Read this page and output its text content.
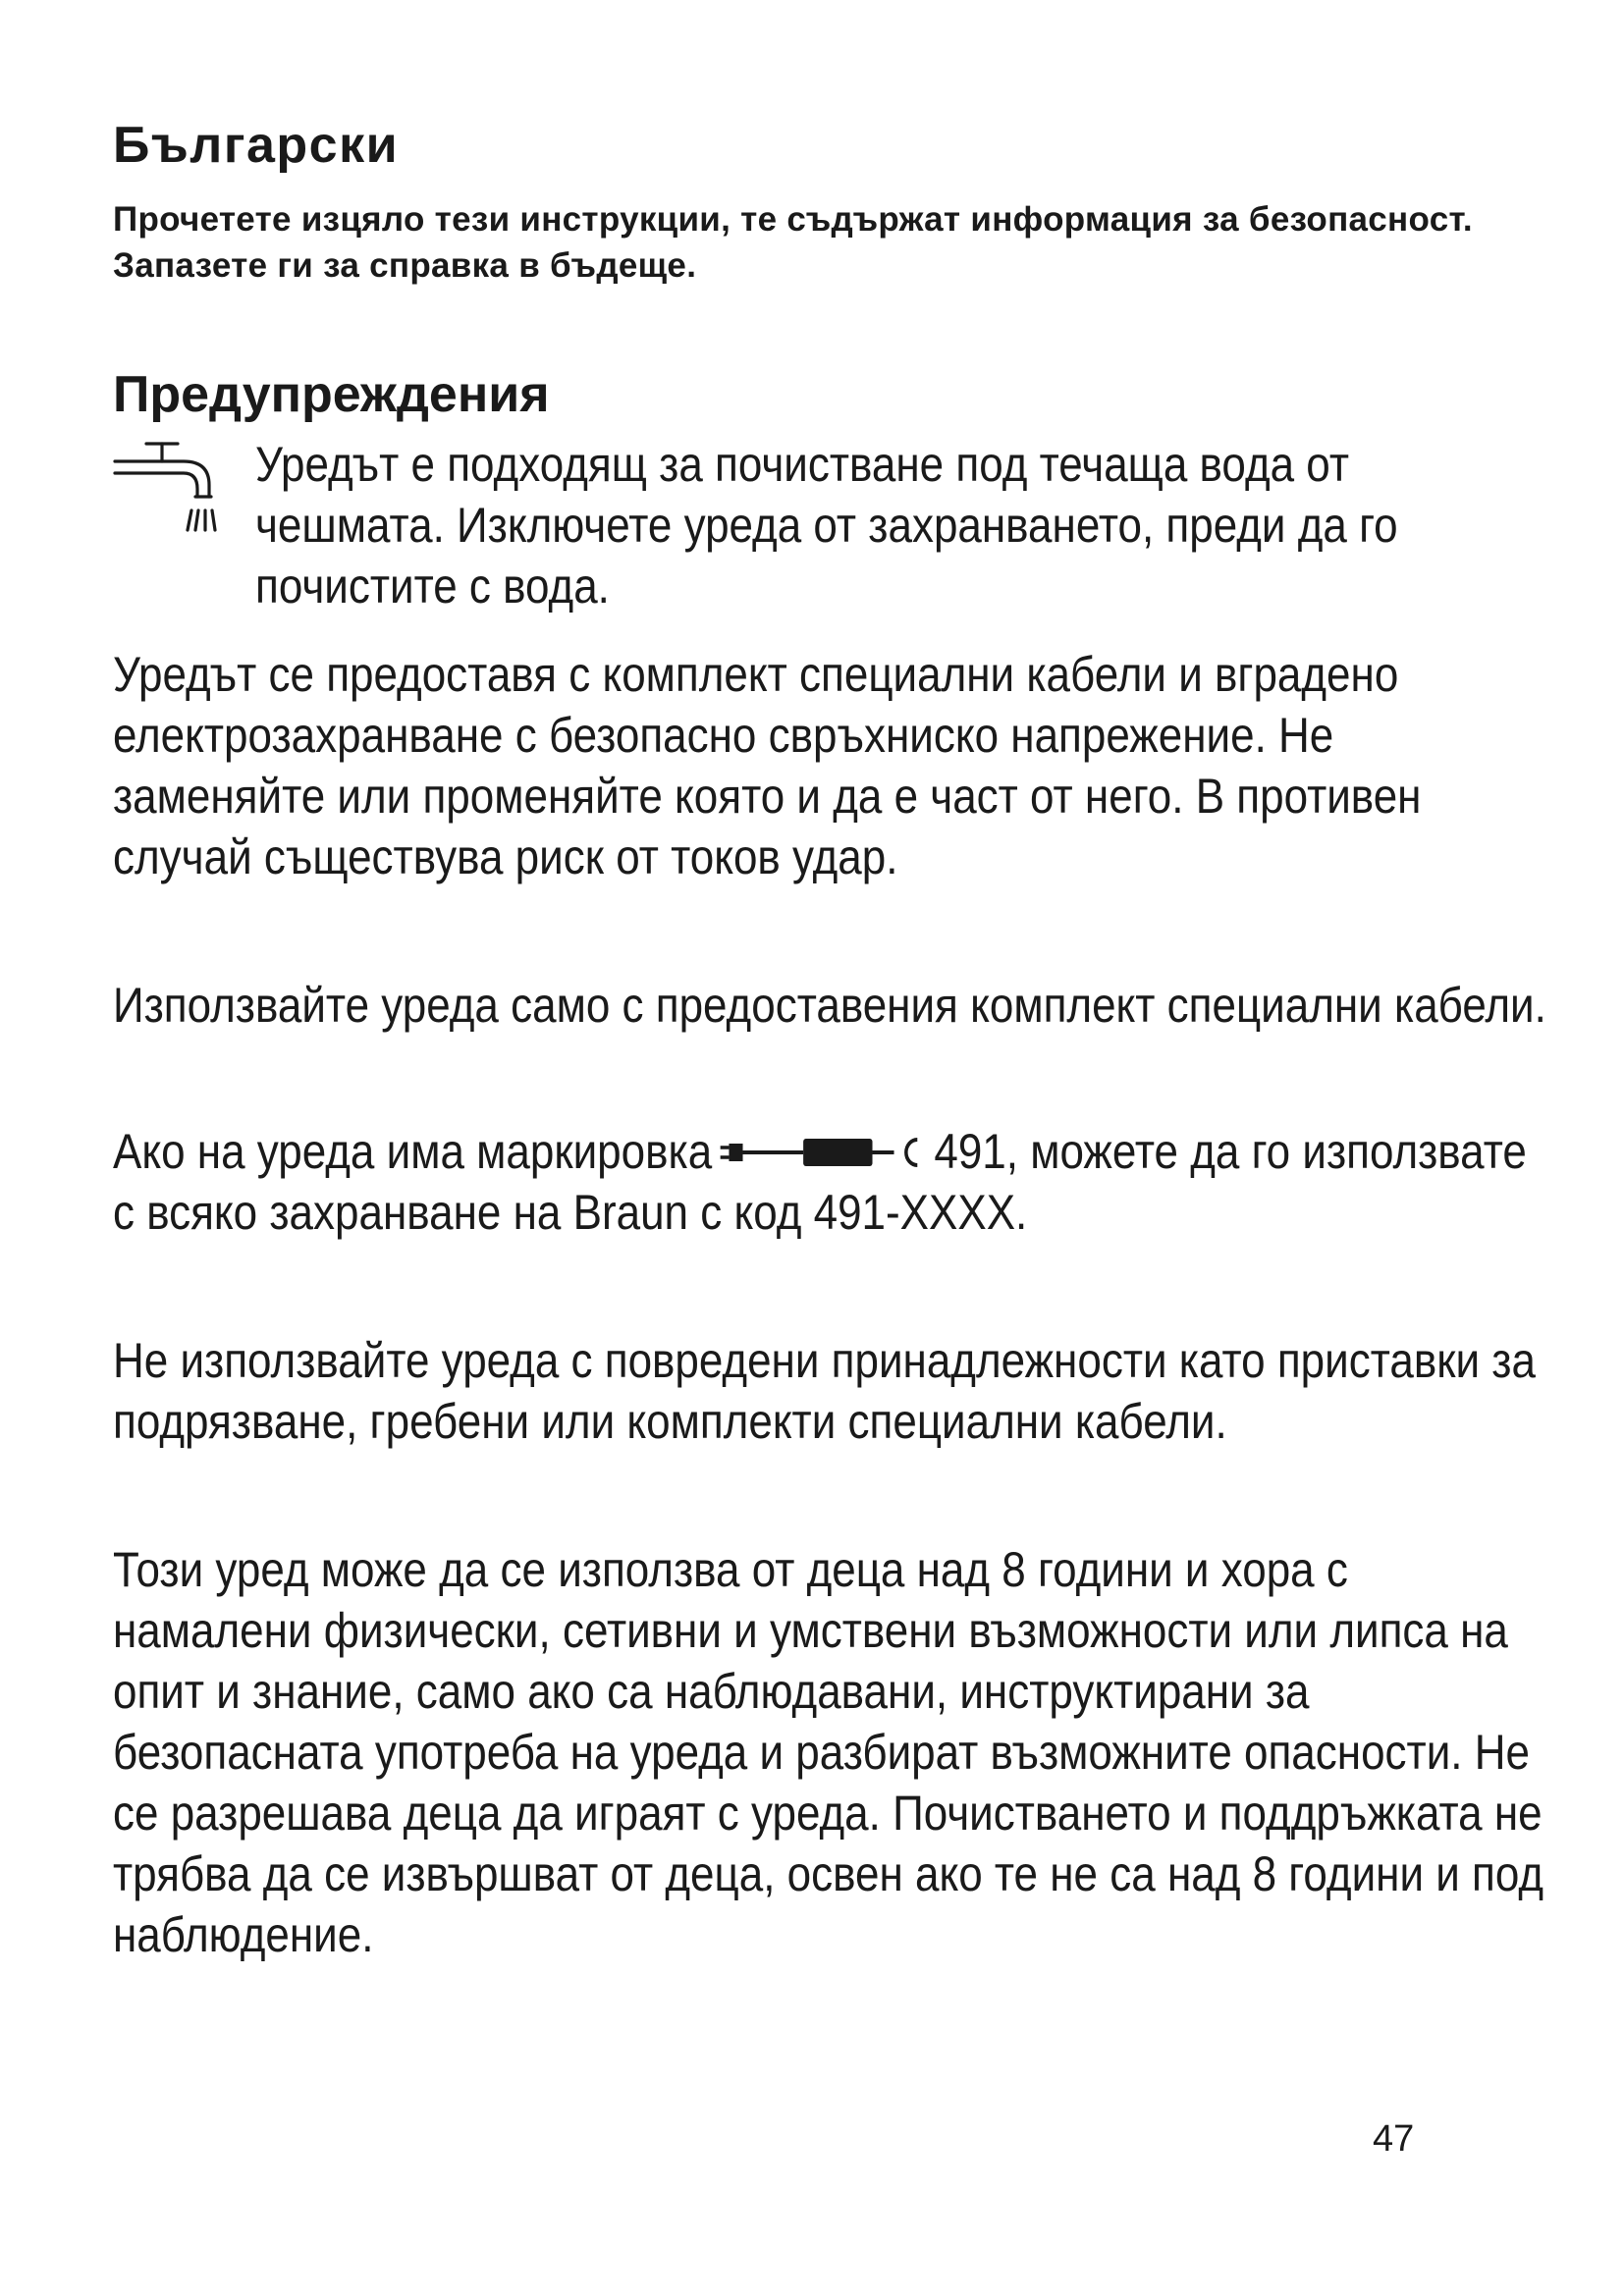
Български

Прочетете изцяло тези инструкции, те съдържат информация за безопасност. Запазете ги за справка в бъдеще.

Предупреждения

Уредът е подходящ за почистване под течаща вода от чешмата. Изключете уреда от захранването, преди да го почистите с вода.

Уредът се предоставя с комплект специални кабели и вградено електрозахранване с безопасно свръхниско напрежение. Не заменяйте или променяйте която и да е част от него. В противен случай съществува риск от токов удар.

Използвайте уреда само с предоставения комплект специални кабели.

Ако на уреда има маркировка	491, можете да го използвате с всяко захранване на Braun с код 491-XXXX.

Не използвайте уреда с повредени принадлежности като приставки за подрязване, гребени или комплекти специални кабели.

Този уред може да се използва от деца над 8 години и хора с намалени физически, сетивни и умствени възможности или липса на опит и знание, само ако са наблюдавани, инструктирани за безопасната употреба на уреда и разбират възможните опасности. Не се разрешава деца да играят с уреда. Почистването и поддръжката не трябва да се извършват от деца, освен ако те не са над 8 години и под наблюдение.

47
